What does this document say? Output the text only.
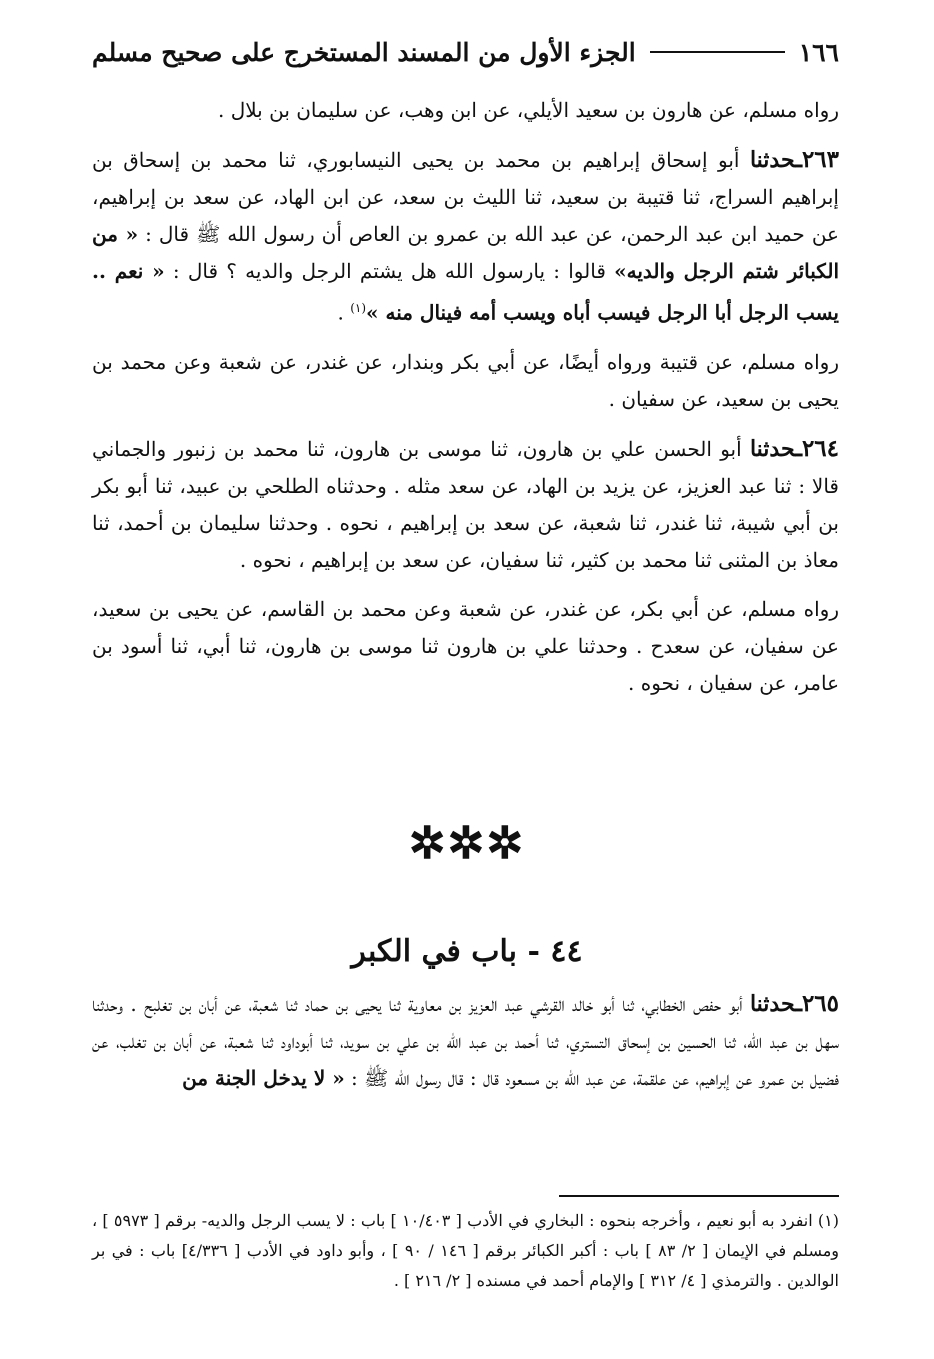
١٦٦
الجزء الأول من المسند المستخرج على صحيح مسلم

رواه مسلم، عن هارون بن سعيد الأيلي، عن ابن وهب، عن سليمان بن بلال .

٢٦٣ـحدثنا أبو إسحاق إبراهيم بن محمد بن يحيى النيسابوري، ثنا محمد بن إسحاق بن إبراهيم السراج، ثنا قتيبة بن سعيد، ثنا الليث بن سعد، عن ابن الهاد، عن سعد بن إبراهيم، عن حميد ابن عبد الرحمن، عن عبد الله بن عمرو بن العاص أن رسول الله ﷺ قال : « من الكبائر شتم الرجل والديه» قالوا : يارسول الله هل يشتم الرجل والديه ؟ قال : « نعم .. يسب الرجل أبا الرجل فيسب أباه ويسب أمه فينال منه »$^{(١)}$ .

رواه مسلم، عن قتيبة ورواه أيضًا، عن أبي بكر وبندار، عن غندر، عن شعبة وعن محمد بن يحيى بن سعيد، عن سفيان .

٢٦٤ـحدثنا أبو الحسن علي بن هارون، ثنا موسى بن هارون، ثنا محمد بن زنبور والجماني قالا : ثنا عبد العزيز، عن يزيد بن الهاد، عن سعد مثله . وحدثناه الطلحي بن عبيد، ثنا أبو بكر بن أبي شيبة، ثنا غندر، ثنا شعبة، عن سعد بن إبراهيم ، نحوه . وحدثنا سليمان بن أحمد، ثنا معاذ بن المثنى ثنا محمد بن كثير، ثنا سفيان، عن سعد بن إبراهيم ، نحوه .

رواه مسلم، عن أبي بكر، عن غندر، عن شعبة وعن محمد بن القاسم، عن يحيى بن سعيد، عن سفيان، عن سعدح . وحدثنا علي بن هارون ثنا موسى بن هارون، ثنا أبي، ثنا أسود بن عامر، عن سفيان ، نحوه .

✲✲✲
٤٤ - باب في الكبر

٢٦٥ـحدثنا أبو حفص الخطابي، ثنا أبو خالد القرشي عبد العزيز بن معاوية ثنا يحيى بن حماد ثنا شعبة، عن أبان بن تغلبح . وحدثنا سهل بن عبد الله، ثنا الحسين بن إسحاق التستري، ثنا أحمد بن عبد الله بن علي بن سويد، ثنا أبوداود ثنا شعبة، عن أبان بن تغلب، عن فضيل بن عمرو عن إبراهيم، عن علقمة، عن عبد الله بن مسعود قال : قال رسول الله ﷺ : « لا يدخل الجنة من

(١) انفرد به أبو نعيم ، وأخرجه بنحوه : البخاري في الأدب [ ١٠/٤٠٣ ] باب : لا يسب الرجل والديه- برقم [ ٥٩٧٣ ] ، ومسلم في الإيمان [ ٢/ ٨٣ ] باب : أكبر الكبائر برقم [ ١٤٦ / ٩٠ ] ، وأبو داود في الأدب [ ٤/٣٣٦] باب : في بر الوالدين . والترمذي [ ٤/ ٣١٢ ] والإمام أحمد في مسنده [ ٢/ ٢١٦ ] .
